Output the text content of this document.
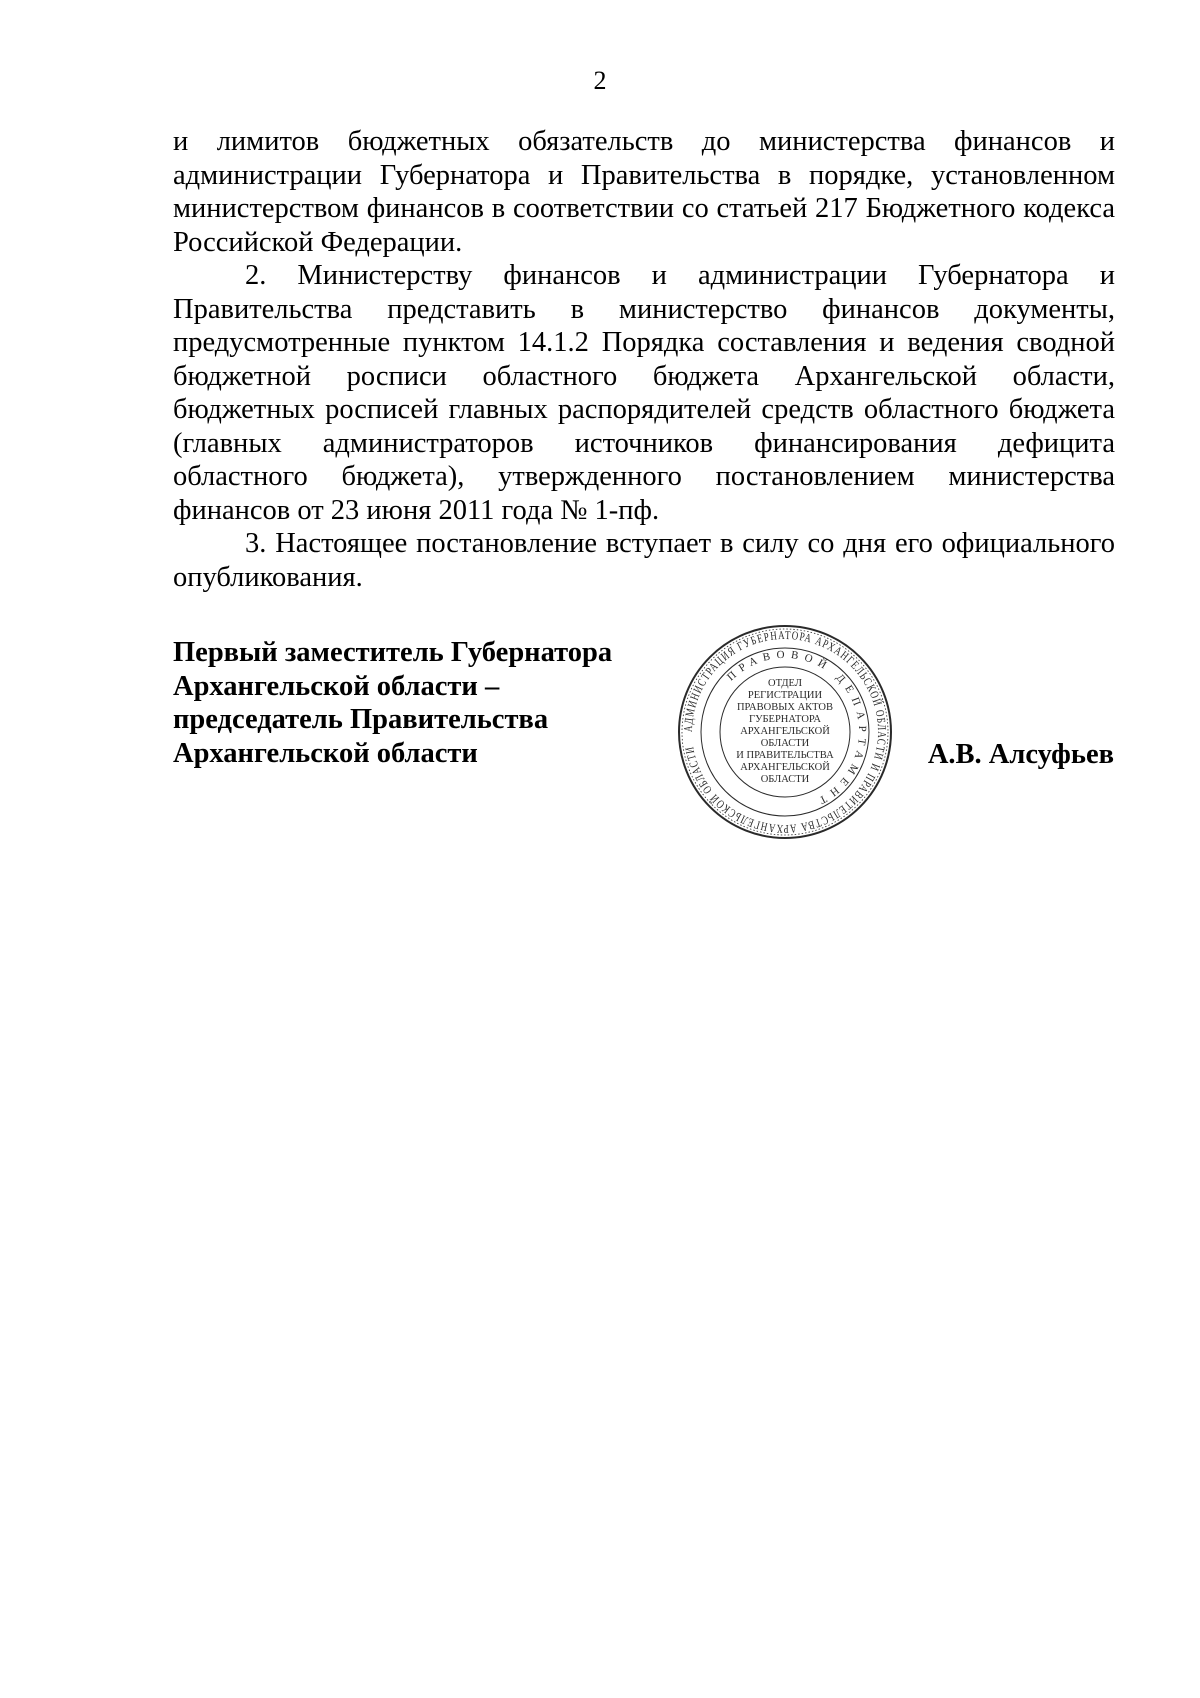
2

и лимитов бюджетных обязательств до министерства финансов и администрации Губернатора и Правительства в порядке, установленном министерством финансов в соответствии со статьей 217 Бюджетного кодекса Российской Федерации.

2. Министерству финансов и администрации Губернатора и Правительства представить в министерство финансов документы, предусмотренные пунктом 14.1.2 Порядка составления и ведения сводной бюджетной росписи областного бюджета Архангельской области, бюджетных росписей главных распорядителей средств областного бюджета (главных администраторов источников финансирования дефицита областного бюджета), утвержденного постановлением министерства финансов от 23 июня 2011 года № 1-пф.

3. Настоящее постановление вступает в силу со дня его официального опубликования.

Первый заместитель Губернатора
Архангельской области –
председатель Правительства
Архангельской области
АДМИНИСТРАЦИЯ ГУБЕРНАТОРА АРХАНГЕЛЬСКОЙ ОБЛАСТИ И ПРАВИТЕЛЬСТВА АРХАНГЕЛЬСКОЙ ОБЛАСТИ
ПРАВОВОЙ ДЕПАРТАМЕНТ
ОТДЕЛ
РЕГИСТРАЦИИ
ПРАВОВЫХ АКТОВ
ГУБЕРНАТОРА
АРХАНГЕЛЬСКОЙ
ОБЛАСТИ
И ПРАВИТЕЛЬСТВА
АРХАНГЕЛЬСКОЙ
ОБЛАСТИ
А.В. Алсуфьев
